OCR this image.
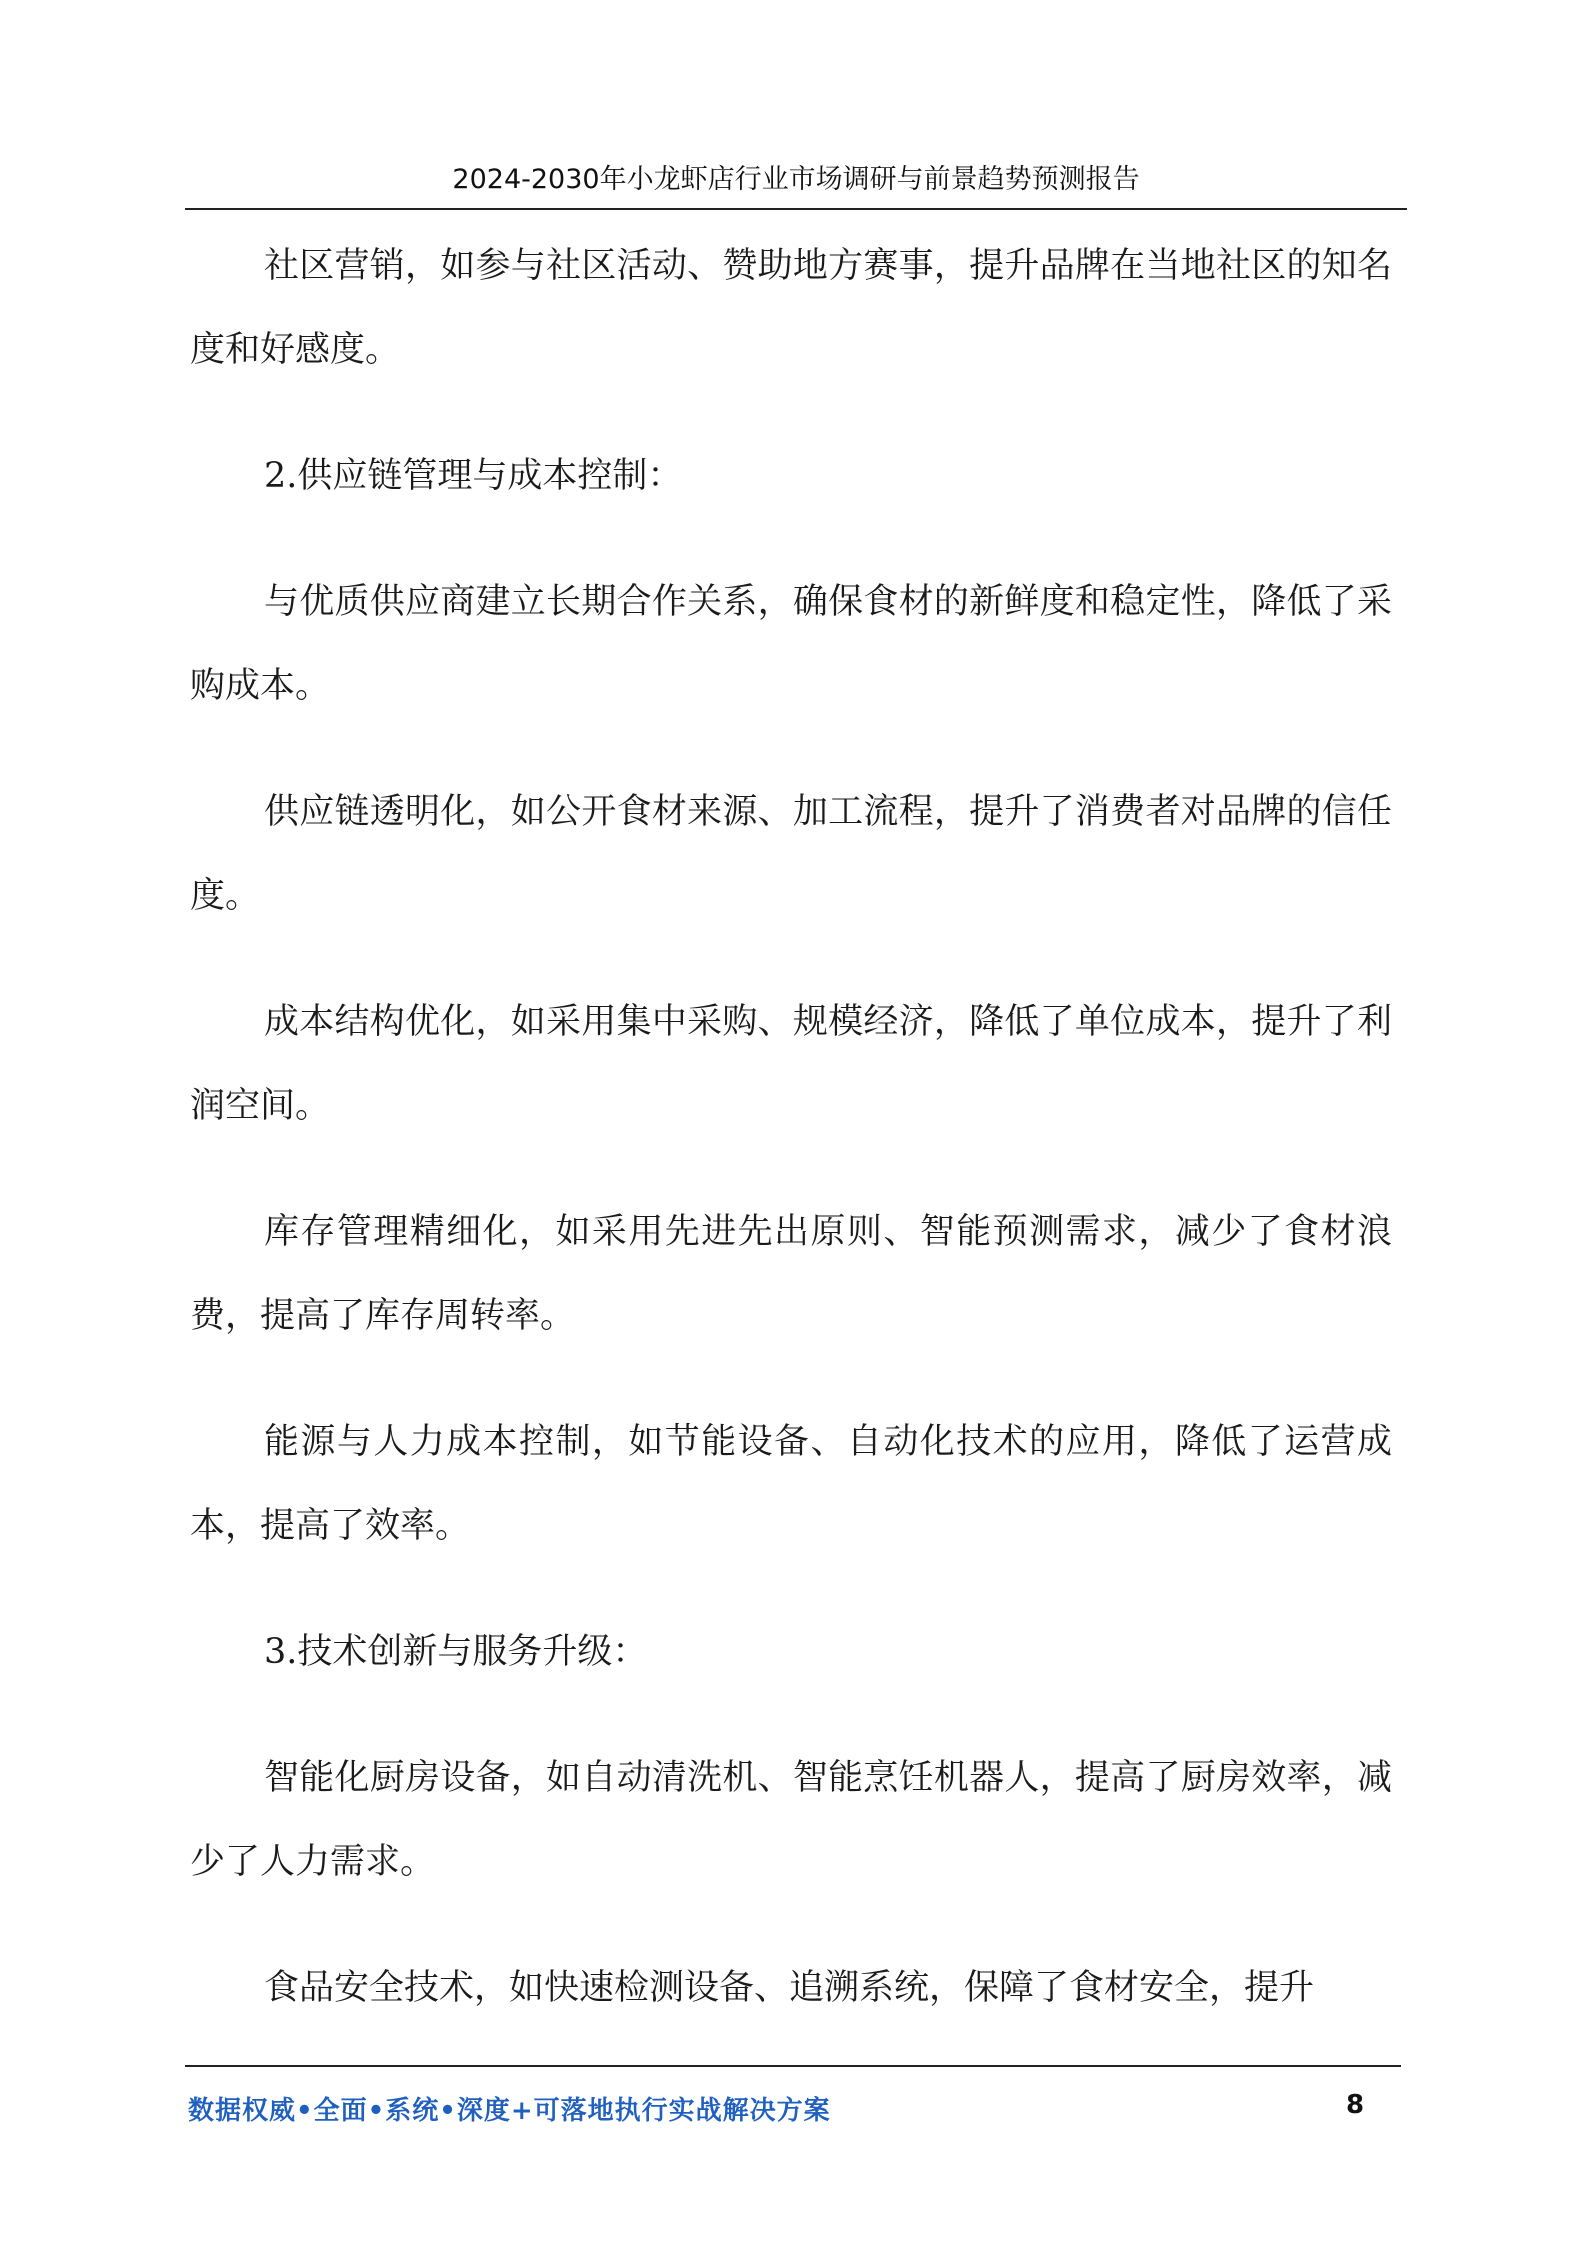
2024-2030年小龙虾店行业市场调研与前景趋势预测报告

社区营销，如参与社区活动、赞助地方赛事，提升品牌在当地社区的知名度和好感度。

2.供应链管理与成本控制：

与优质供应商建立长期合作关系，确保食材的新鲜度和稳定性，降低了采购成本。

供应链透明化，如公开食材来源、加工流程，提升了消费者对品牌的信任度。

成本结构优化，如采用集中采购、规模经济，降低了单位成本，提升了利润空间。

库存管理精细化，如采用先进先出原则、智能预测需求，减少了食材浪费，提高了库存周转率。

能源与人力成本控制，如节能设备、自动化技术的应用，降低了运营成本，提高了效率。

3.技术创新与服务升级：

智能化厨房设备，如自动清洗机、智能烹饪机器人，提高了厨房效率，减少了人力需求。

食品安全技术，如快速检测设备、追溯系统，保障了食材安全，提升

数据权威•全面•系统•深度+可落地执行实战解决方案	8
